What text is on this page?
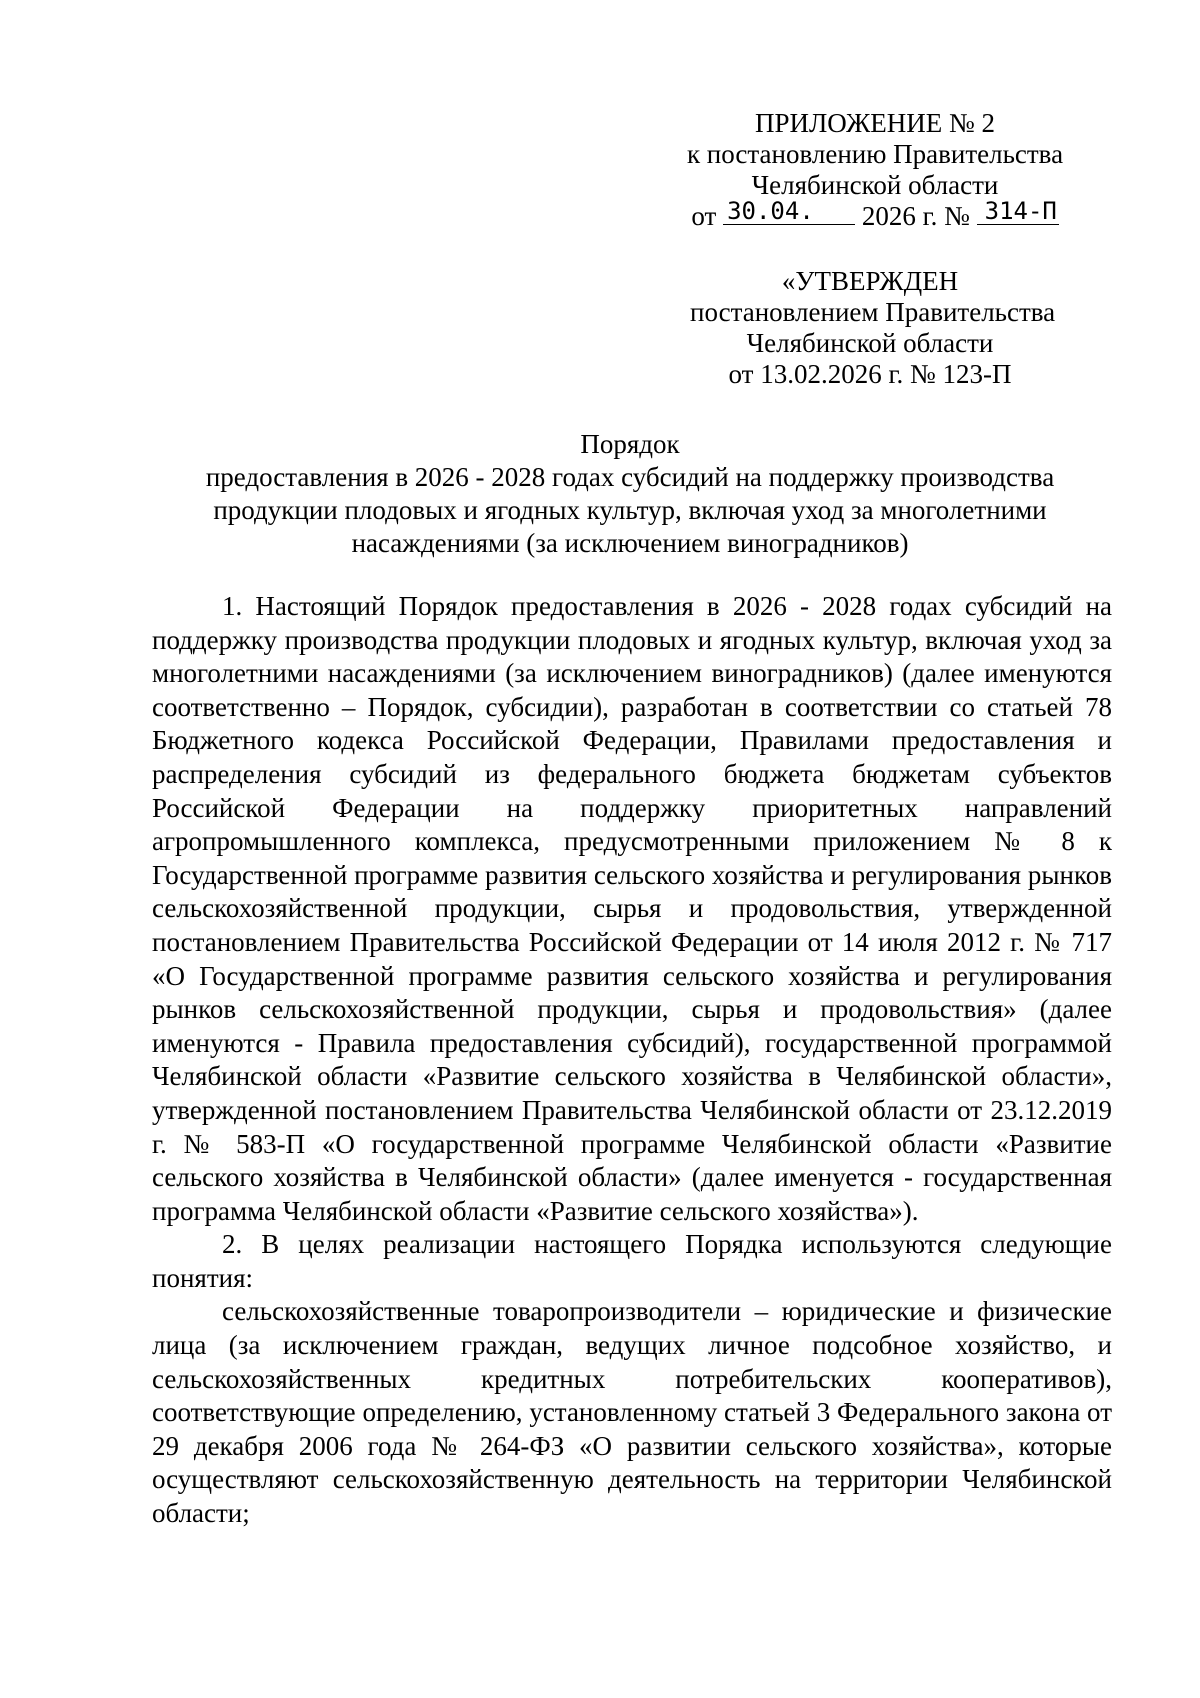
ПРИЛОЖЕНИЕ № 2
к постановлению Правительства
Челябинской области
от 30.04. 2026 г. № 314-П
«УТВЕРЖДЕН
постановлением Правительства
Челябинской области
от 13.02.2026 г. № 123-П
Порядок
предоставления в 2026 - 2028 годах субсидий на поддержку производства
продукции плодовых и ягодных культур, включая уход за многолетними
насаждениями (за исключением виноградников)

1. Настоящий Порядок предоставления в 2026 - 2028 годах субсидий на поддержку производства продукции плодовых и ягодных культур, включая уход за многолетними насаждениями (за исключением виноградников) (далее именуются соответственно – Порядок, субсидии), разработан в соответствии со статьей 78 Бюджетного кодекса Российской Федерации, Правилами предоставления и распределения субсидий из федерального бюджета бюджетам субъектов Российской Федерации на поддержку приоритетных направлений агропромышленного комплекса, предусмотренными приложением № 8 к Государственной программе развития сельского хозяйства и регулирования рынков сельскохозяйственной продукции, сырья и продовольствия, утвержденной постановлением Правительства Российской Федерации от 14 июля 2012 г. № 717 «О Государственной программе развития сельского хозяйства и регулирования рынков сельскохозяйственной продукции, сырья и продовольствия» (далее именуются - Правила предоставления субсидий), государственной программой Челябинской области «Развитие сельского хозяйства в Челябинской области», утвержденной постановлением Правительства Челябинской области от 23.12.2019 г. № 583-П «О государственной программе Челябинской области «Развитие сельского хозяйства в Челябинской области» (далее именуется - государственная программа Челябинской области «Развитие сельского хозяйства»).

2. В целях реализации настоящего Порядка используются следующие понятия:

сельскохозяйственные товаропроизводители – юридические и физические лица (за исключением граждан, ведущих личное подсобное хозяйство, и сельскохозяйственных кредитных потребительских кооперативов), соответствующие определению, установленному статьей 3 Федерального закона от 29 декабря 2006 года № 264-ФЗ «О развитии сельского хозяйства», которые осуществляют сельскохозяйственную деятельность на территории Челябинской области;
